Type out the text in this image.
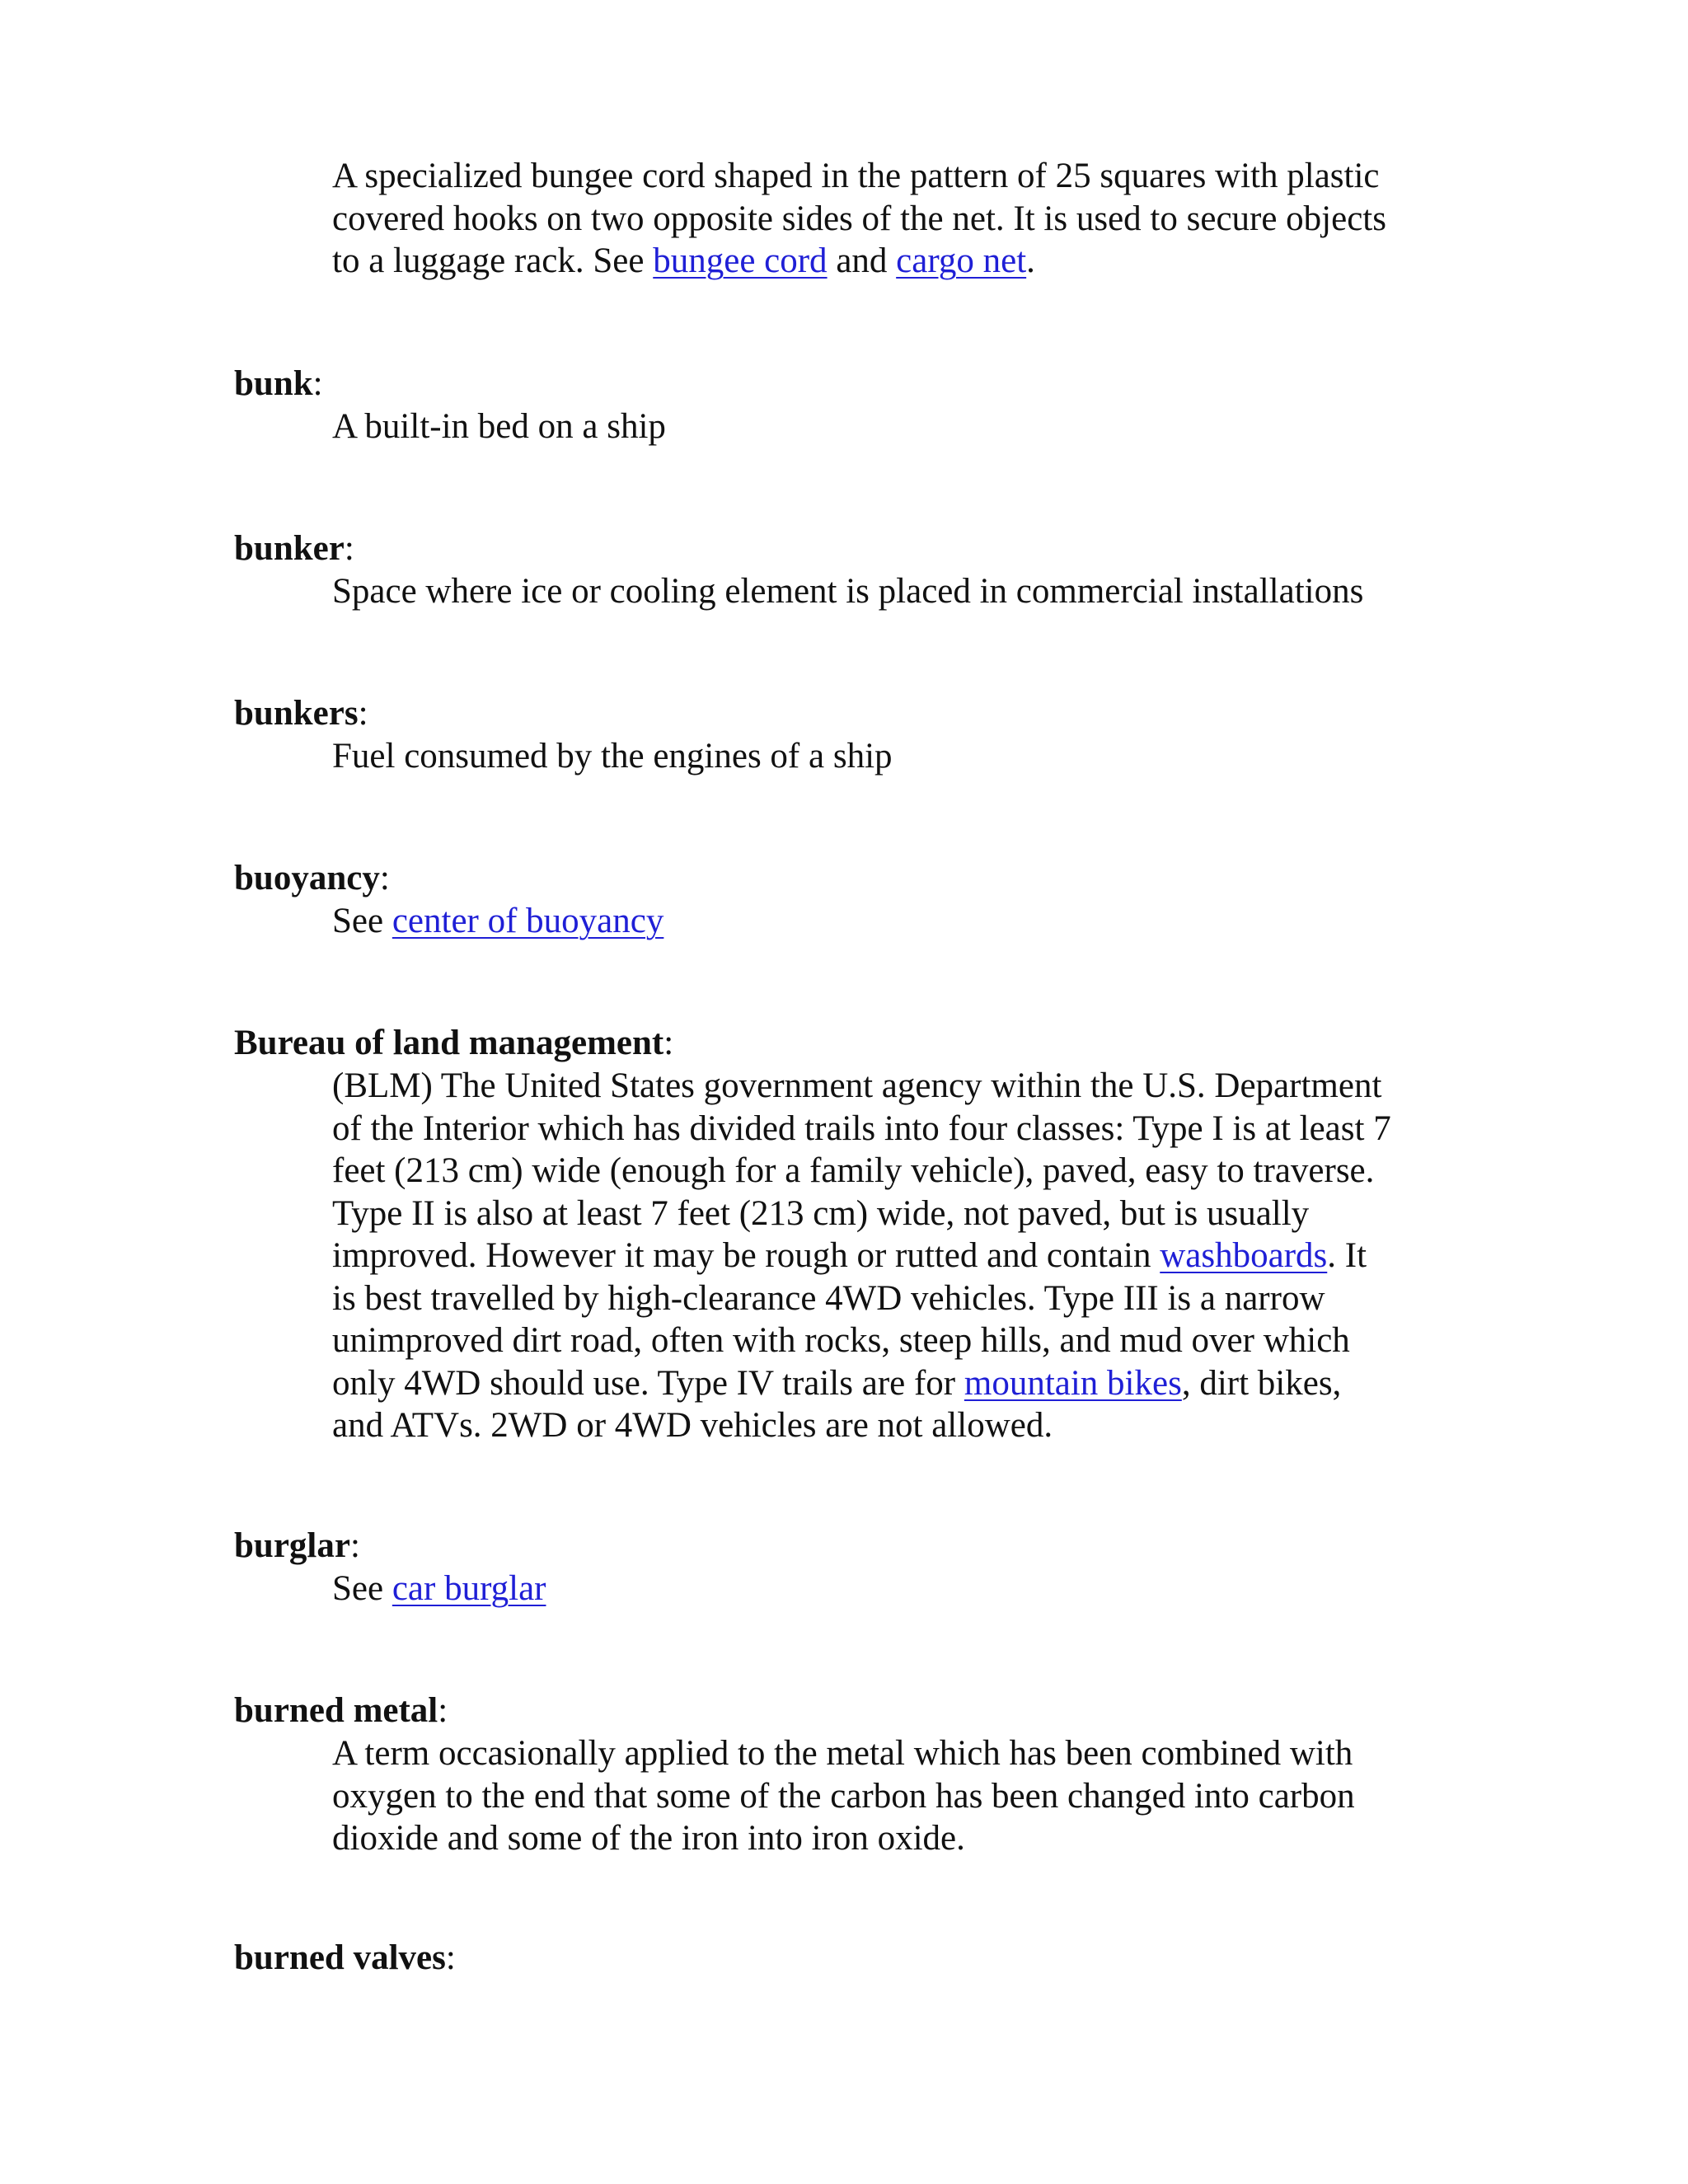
A specialized bungee cord shaped in the pattern of 25 squares with plastic
covered hooks on two opposite sides of the net. It is used to secure objects
to a luggage rack. See bungee cord and cargo net.
bunk:
A built-in bed on a ship
bunker:
Space where ice or cooling element is placed in commercial installations
bunkers:
Fuel consumed by the engines of a ship
buoyancy:
See center of buoyancy
Bureau of land management:
(BLM) The United States government agency within the U.S. Department
of the Interior which has divided trails into four classes: Type I is at least 7
feet (213 cm) wide (enough for a family vehicle), paved, easy to traverse.
Type II is also at least 7 feet (213 cm) wide, not paved, but is usually
improved. However it may be rough or rutted and contain washboards. It
is best travelled by high-clearance 4WD vehicles. Type III is a narrow
unimproved dirt road, often with rocks, steep hills, and mud over which
only 4WD should use. Type IV trails are for mountain bikes, dirt bikes,
and ATVs. 2WD or 4WD vehicles are not allowed.
burglar:
See car burglar
burned metal:
A term occasionally applied to the metal which has been combined with
oxygen to the end that some of the carbon has been changed into carbon
dioxide and some of the iron into iron oxide.
burned valves:
